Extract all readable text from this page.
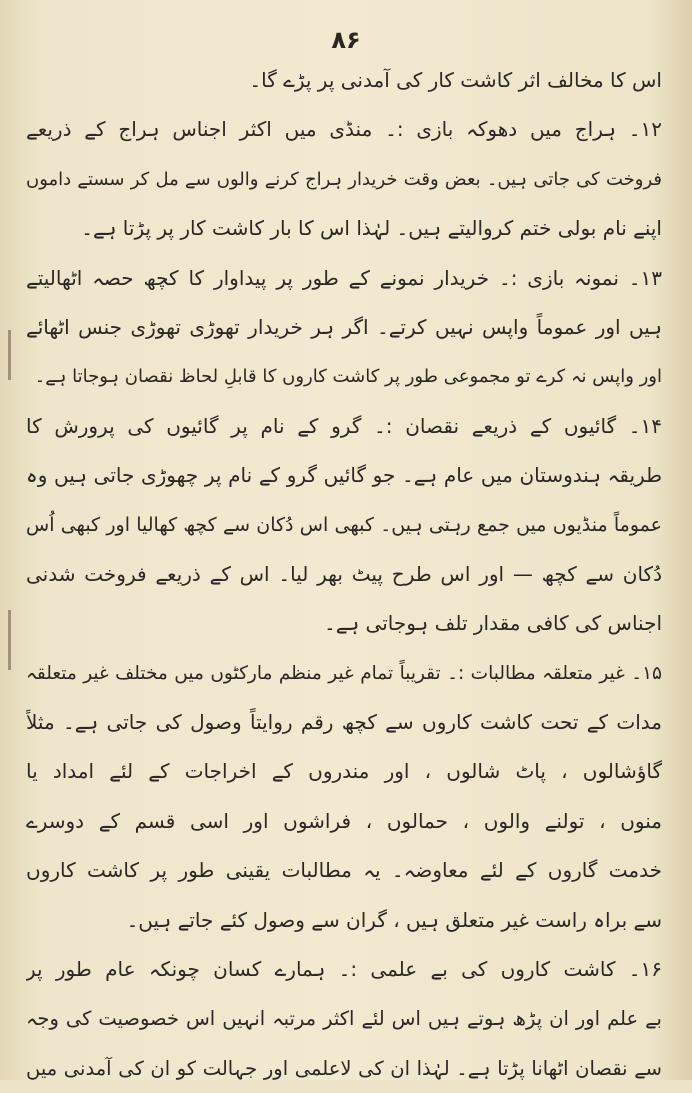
۸۶
اس کا مخالف اثر کاشت کار کی آمدنی پر پڑے گا۔
۱۲۔ ہراج میں دھوکہ بازی :۔ منڈی میں اکثر اجناس ہراج کے ذریعے
فروخت کی جاتی ہیں۔ بعض وقت خریدار ہراج کرنے والوں سے مل کر سستے داموں
اپنے نام بولی ختم کروالیتے ہیں۔ لہٰذا اس کا بار کاشت کار پر پڑتا ہے۔
۱۳۔ نمونہ بازی :۔ خریدار نمونے کے طور پر پیداوار کا کچھ حصہ اٹھالیتے
ہیں اور عموماً واپس نہیں کرتے۔ اگر ہر خریدار تھوڑی تھوڑی جنس اٹھائے
اور واپس نہ کرے تو مجموعی طور پر کاشت کاروں کا قابلِ لحاظ نقصان ہوجاتا ہے۔
۱۴۔ گائیوں کے ذریعے نقصان :۔ گرو کے نام پر گائیوں کی پرورش کا
طریقہ ہندوستان میں عام ہے۔ جو گائیں گرو کے نام پر چھوڑی جاتی ہیں وہ
عموماً منڈیوں میں جمع رہتی ہیں۔ کبھی اس دُکان سے کچھ کھالیا اور کبھی اُس
دُکان سے کچھ — اور اس طرح پیٹ بھر لیا۔ اس کے ذریعے فروخت شدنی
اجناس کی کافی مقدار تلف ہوجاتی ہے۔
۱۵۔ غیر متعلقہ مطالبات :۔ تقریباً تمام غیر منظم مارکٹوں میں مختلف غیر متعلقہ
مدات کے تحت کاشت کاروں سے کچھ رقم روایتاً وصول کی جاتی ہے۔ مثلاً
گاؤشالوں ، پاٹ شالوں ، اور مندروں کے اخراجات کے لئے امداد یا
منوں ، تولنے والوں ، حمالوں ، فراشوں اور اسی قسم کے دوسرے
خدمت گاروں کے لئے معاوضہ۔ یہ مطالبات یقینی طور پر کاشت کاروں
سے براہ راست غیر متعلق ہیں ، گران سے وصول کئے جاتے ہیں۔
۱۶۔ کاشت کاروں کی بے علمی :۔ ہمارے کسان چونکہ عام طور پر
بے علم اور ان پڑھ ہوتے ہیں اس لئے اکثر مرتبہ انہیں اس خصوصیت کی وجہ
سے نقصان اٹھانا پڑتا ہے۔ لہٰذا ان کی لاعلمی اور جہالت کو ان کی آمدنی میں
